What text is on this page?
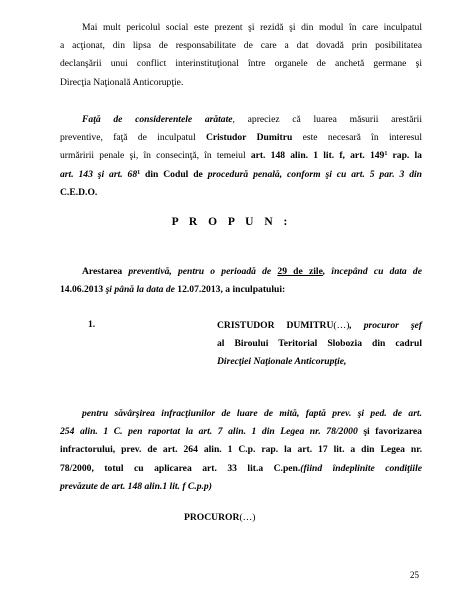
Mai mult pericolul social este prezent şi rezidă şi din modul în care inculpatul
a acţionat, din lipsa de responsabilitate de care a dat dovadă prin posibilitatea
declanşării unui conflict interinstituţional între organele de anchetă germane şi
Direcţia Naţională Anticorupţie.

Faţă de considerentele arătate, apreciez că luarea măsurii arestării
preventive, faţă de inculpatul Cristudor Dumitru este necesară în interesul
urmăririi penale şi, în consecinţă, în temeiul art. 148 alin. 1 lit. f, art. $149^1$ rap. la
art. 143 şi art. $68^1$ din Codul de procedură penală, conform şi cu art. 5 par. 3 din
C.E.D.O.

P R O P U N :

Arestarea preventivă, pentru o perioadă de 29 de zile, începând cu data de
14.06.2013 şi până la data de 12.07.2013, a inculpatului:

1.	CRISTUDOR DUMITRU(…), procuror şef
al Biroului Teritorial Slobozia din cadrul
Direcţiei Naţionale Anticorupţie,

pentru săvârşirea infracţiunilor de luare de mită, faptă prev. şi ped. de art.
254 alin. 1 C. pen raportat la art. 7 alin. 1 din Legea nr. 78/2000 şi favorizarea
infractorului, prev. de art. 264 alin. 1 C.p. rap. la art. 17 lit. a din Legea nr.
78/2000, totul cu aplicarea art. 33 lit.a C.pen.(fiind îndeplinite condiţiile
prevăzute de art. 148 alin.1 lit. f C.p.p)

PROCUROR(…)

25
